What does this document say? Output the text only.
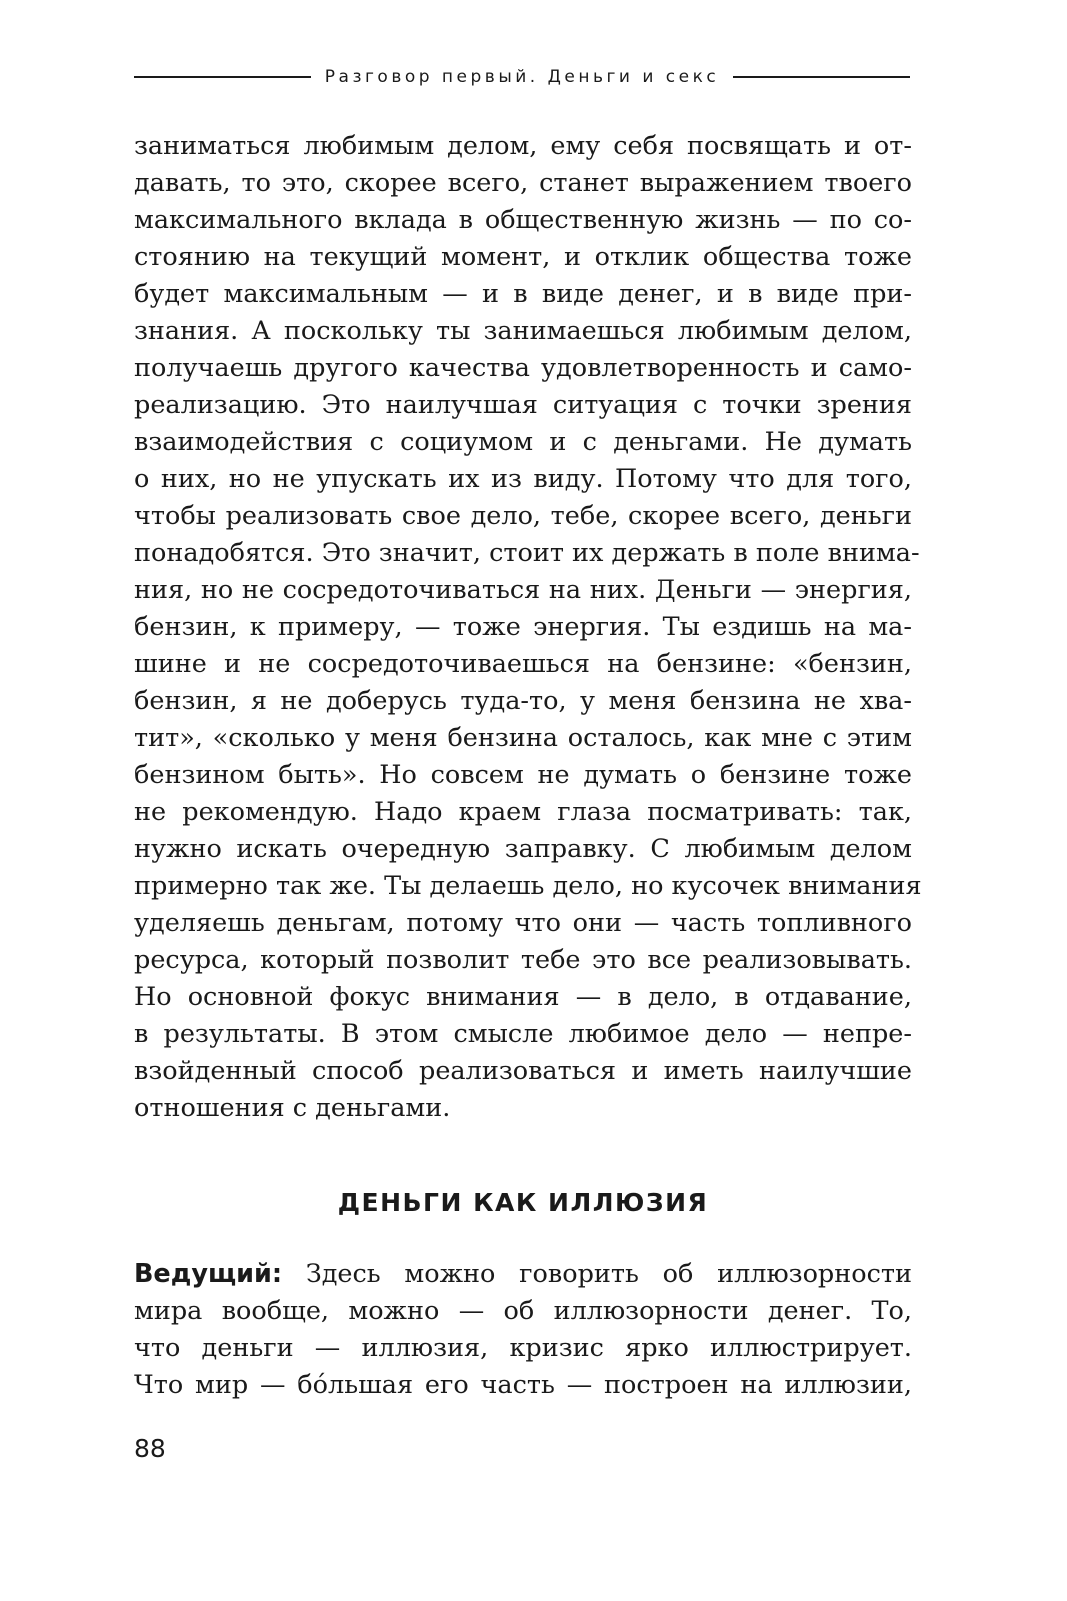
Разговор первый. Деньги и секс
заниматься любимым делом, ему себя посвящать и от-
давать, то это, скорее всего, станет выражением твоего
максимального вклада в общественную жизнь — по со-
стоянию на текущий момент, и отклик общества тоже
будет максимальным — и в виде денег, и в виде при-
знания. А поскольку ты занимаешься любимым делом,
получаешь другого качества удовлетворенность и само-
реализацию. Это наилучшая ситуация с точки зрения
взаимодействия с социумом и с деньгами. Не думать
о них, но не упускать их из виду. Потому что для того,
чтобы реализовать свое дело, тебе, скорее всего, деньги
понадобятся. Это значит, стоит их держать в поле внима-
ния, но не сосредоточиваться на них. Деньги — энергия,
бензин, к примеру, — тоже энергия. Ты ездишь на ма-
шине и не сосредоточиваешься на бензине: «бензин,
бензин, я не доберусь туда-то, у меня бензина не хва-
тит», «сколько у меня бензина осталось, как мне с этим
бензином быть». Но совсем не думать о бензине тоже
не рекомендую. Надо краем глаза посматривать: так,
нужно искать очередную заправку. С любимым делом
примерно так же. Ты делаешь дело, но кусочек внимания
уделяешь деньгам, потому что они — часть топливного
ресурса, который позволит тебе это все реализовывать.
Но основной фокус внимания — в дело, в отдавание,
в результаты. В этом смысле любимое дело — непре-
взойденный способ реализоваться и иметь наилучшие
отношения с деньгами.
ДЕНЬГИ КАК ИЛЛЮЗИЯ
Ведущий: Здесь можно говорить об иллюзорности
мира вообще, можно — об иллюзорности денег. То,
что деньги — иллюзия, кризис ярко иллюстрирует.
Что мир — бóльшая его часть — построен на иллюзии,
88
